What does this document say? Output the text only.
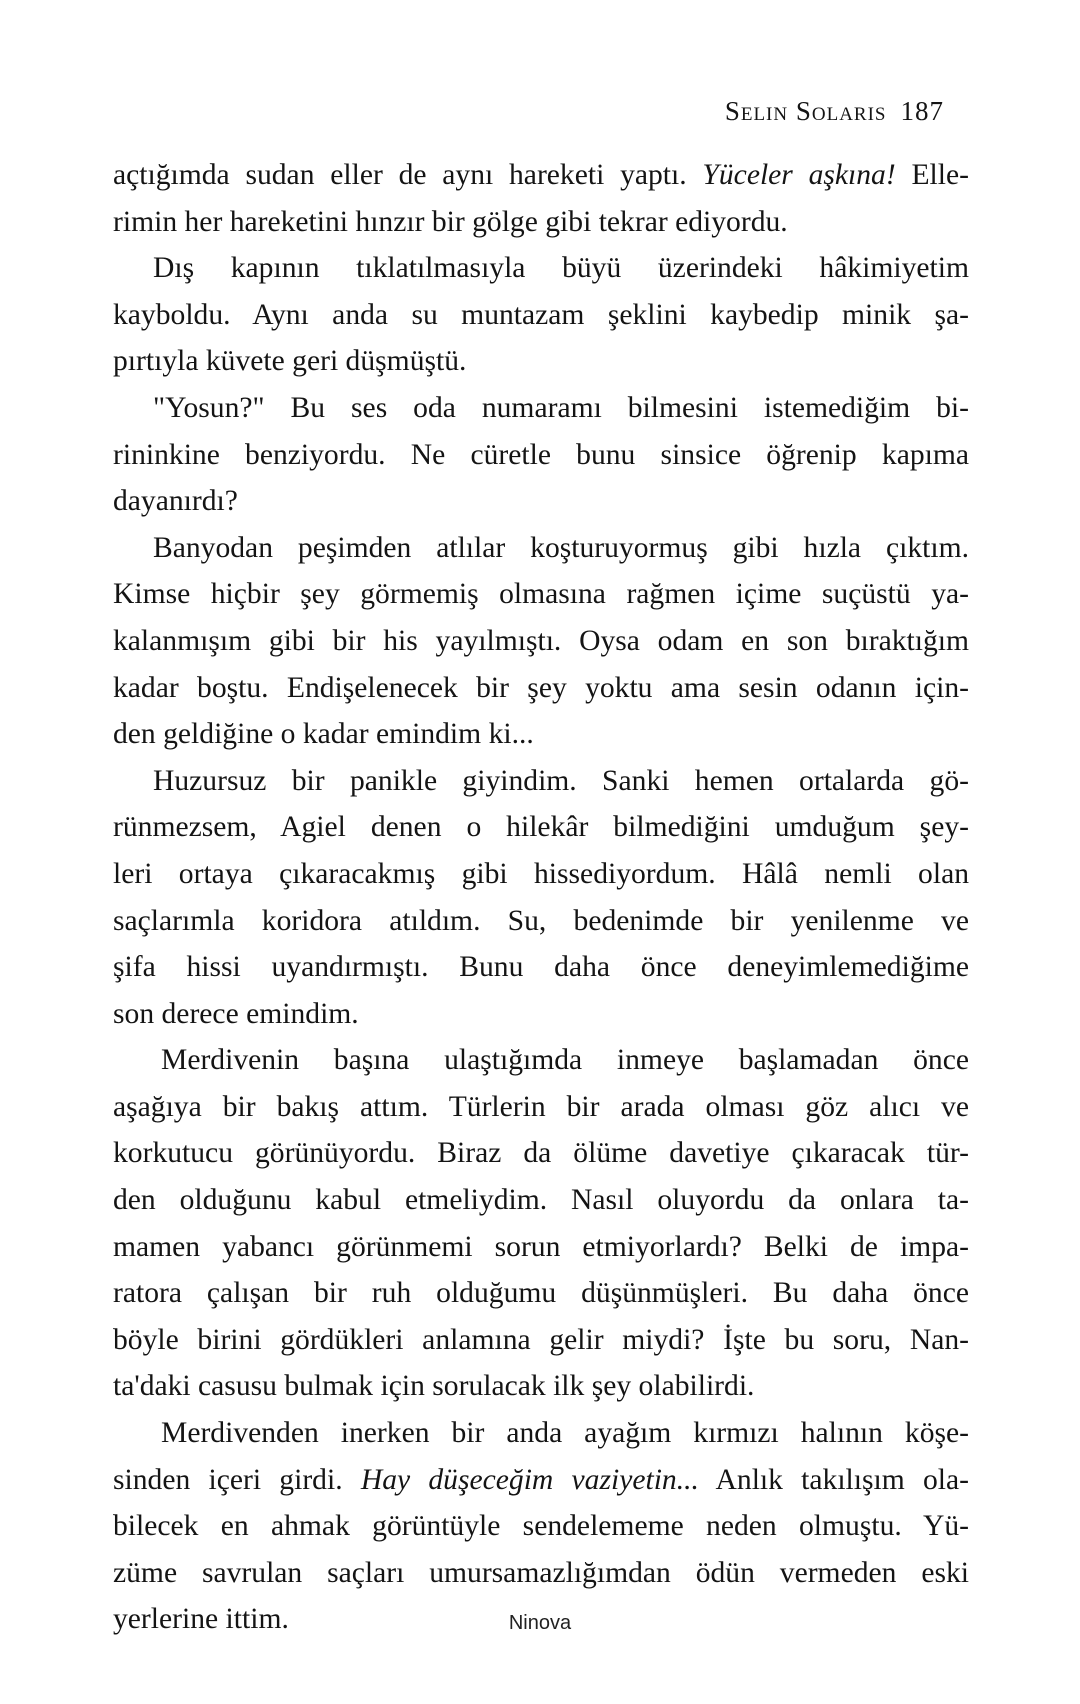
Selin Solaris 187
açtığımda sudan eller de aynı hareketi yaptı. Yüceler aşkına! Elle-
rimin her hareketini hınzır bir gölge gibi tekrar ediyordu.
Dış kapının tıklatılmasıyla büyü üzerindeki hâkimiyetim
kayboldu. Aynı anda su muntazam şeklini kaybedip minik şa-
pırtıyla küvete geri düşmüştü.
"Yosun?" Bu ses oda numaramı bilmesini istemediğim bi-
rininkine benziyordu. Ne cüretle bunu sinsice öğrenip kapıma
dayanırdı?
Banyodan peşimden atlılar koşturuyormuş gibi hızla çıktım.
Kimse hiçbir şey görmemiş olmasına rağmen içime suçüstü ya-
kalanmışım gibi bir his yayılmıştı. Oysa odam en son bıraktığım
kadar boştu. Endişelenecek bir şey yoktu ama sesin odanın için-
den geldiğine o kadar emindim ki...
Huzursuz bir panikle giyindim. Sanki hemen ortalarda gö-
rünmezsem, Agiel denen o hilekâr bilmediğini umduğum şey-
leri ortaya çıkaracakmış gibi hissediyordum. Hâlâ nemli olan
saçlarımla koridora atıldım. Su, bedenimde bir yenilenme ve
şifa hissi uyandırmıştı. Bunu daha önce deneyimlemediğime
son derece emindim.
Merdivenin başına ulaştığımda inmeye başlamadan önce
aşağıya bir bakış attım. Türlerin bir arada olması göz alıcı ve
korkutucu görünüyordu. Biraz da ölüme davetiye çıkaracak tür-
den olduğunu kabul etmeliydim. Nasıl oluyordu da onlara ta-
mamen yabancı görünmemi sorun etmiyorlardı? Belki de impa-
ratora çalışan bir ruh olduğumu düşünmüşleri. Bu daha önce
böyle birini gördükleri anlamına gelir miydi? İşte bu soru, Nan-
ta'daki casusu bulmak için sorulacak ilk şey olabilirdi.
Merdivenden inerken bir anda ayağım kırmızı halının köşe-
sinden içeri girdi. Hay düşeceğim vaziyetin... Anlık takılışım ola-
bilecek en ahmak görüntüyle sendelememe neden olmuştu. Yü-
zümе savrulan saçları umursamazlığımdan ödün vermeden eski
yerlerine ittim.	Ninova
